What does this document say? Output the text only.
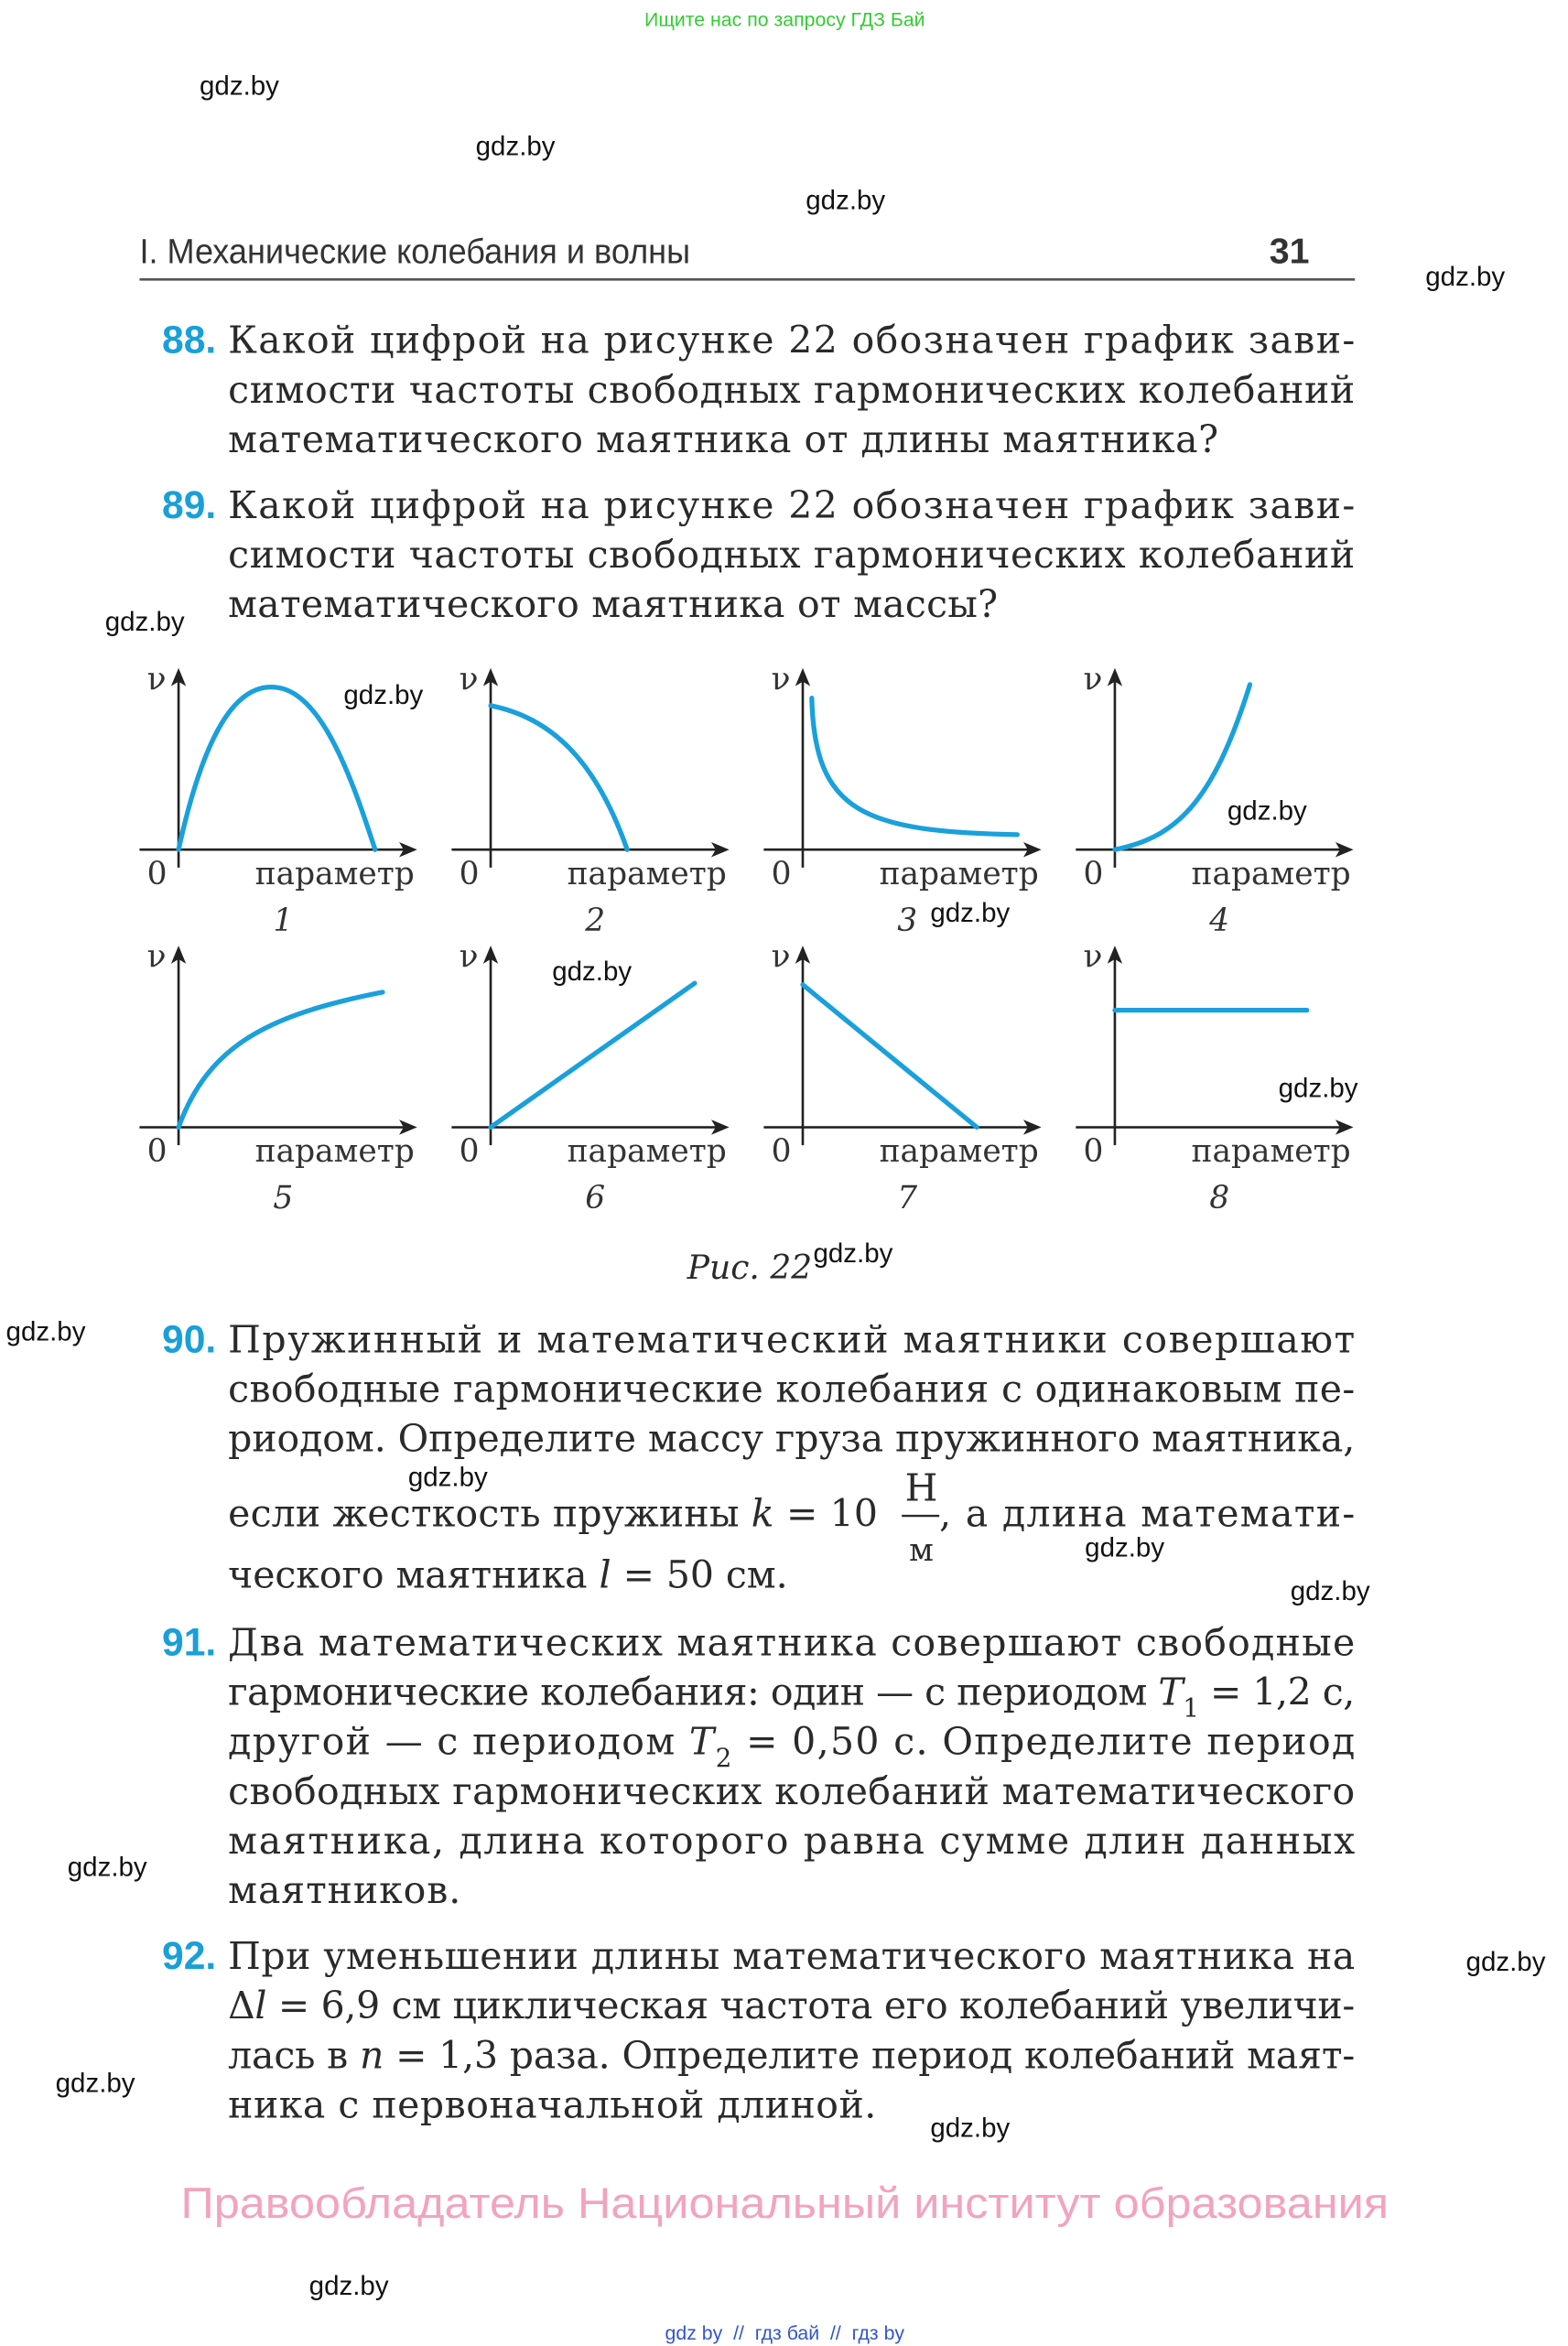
Ищите нас по запросу ГДЗ Бай
I. Механические колебания и волны	31
88. Какой цифрой на рисунке 22 обозначен график зави-
симости частоты свободных гармонических колебаний
математического маятника от длины маятника?
89. Какой цифрой на рисунке 22 обозначен график зави-
симости частоты свободных гармонических колебаний
математического маятника от массы?
ν
0	параметр
1
ν
0	параметр
2
ν
0	параметр
3
ν
0	параметр
4
ν
0	параметр
5
ν
0	параметр
6
ν
0	параметр
7
ν
0	параметр
8
Рис. 22
90. Пружинный и математический маятники совершают
свободные гармонические колебания с одинаковым пе-
риодом. Определите массу груза пружинного маятника,
если жесткость пружины k = 10
Н
м
, а длина математи-
ческого маятника l = 50 см.
91. Два математических маятника совершают свободные
гармонические колебания: один — с периодом $T_1 = 1,2$ с,
другой — с периодом $T_2 = 0,50$ с. Определите период
свободных гармонических колебаний математического
маятника, длина которого равна сумме длин данных
маятников.
92. При уменьшении длины математического маятника на
Δl = 6,9 см циклическая частота его колебаний увеличи-
лась в n = 1,3 раза. Определите период колебаний маят-
ника с первоначальной длиной.
Правообладатель Национальный институт образования
gdz by  //  гдз бай  //  гдз by
gdz.by
gdz.by
gdz.by
gdz.by
gdz.by
gdz.by
gdz.by
gdz.by
gdz.by
gdz.by
gdz.by
gdz.by
gdz.by
gdz.by
gdz.by
gdz.by
gdz.by
gdz.by
gdz.by
gdz.by
